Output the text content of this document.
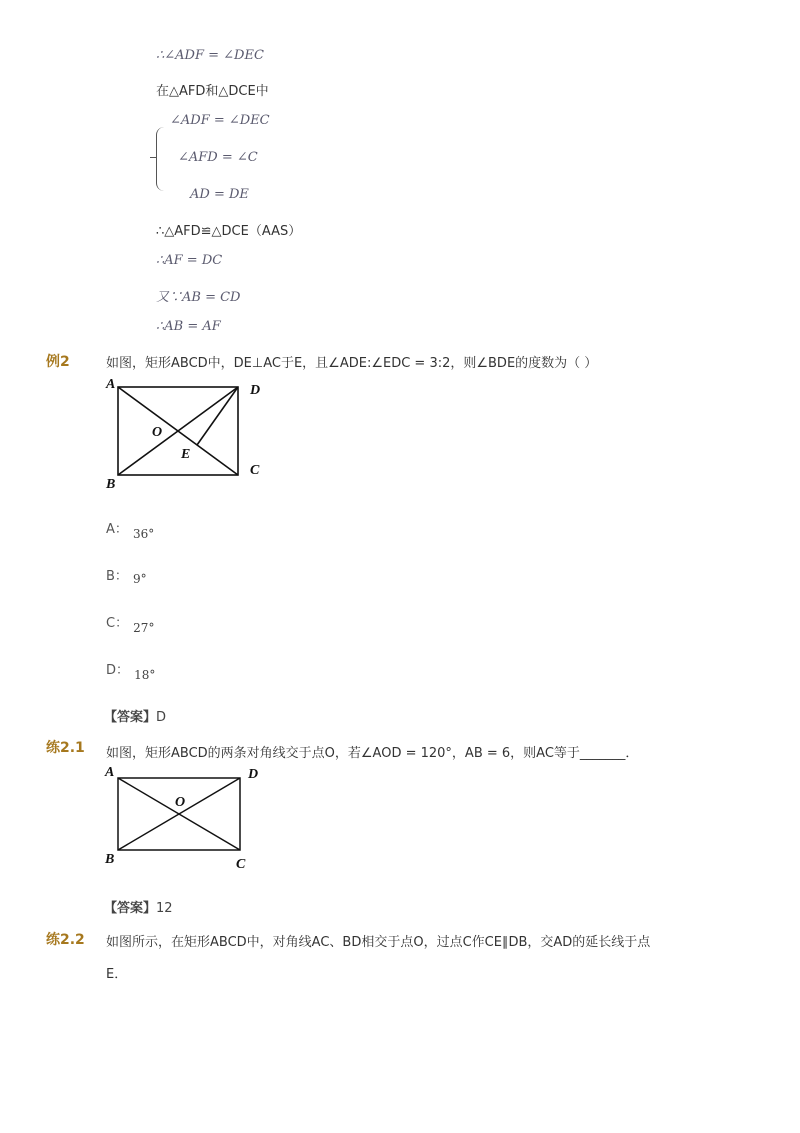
∴∠ADF = ∠DEC
在△AFD和△DCE中
∠ADF = ∠DEC
∠AFD = ∠C
AD = DE
∴△AFD≌△DCE（AAS）
∴AF = DC
又∵AB = CD
∴AB = AF
例2	如图，矩形ABCD中，DE⊥AC于E，且∠ADE:∠EDC = 3:2，则∠BDE的度数为（ ）
A	D
B
C
O
E
A： $_{36^\circ}$
B： 9°
C： $_{27^\circ}$
D： $_{18^\circ}$
【答案】D
练2.1 如图，矩形ABCD的两条对角线交于点O，若∠AOD = 120°，AB = 6，则AC等于_______．
A	D
B	C
O
【答案】12
练2.2 如图所示，在矩形ABCD中，对角线AC、BD相交于点O，过点C作CE∥DB，交AD的延长线于点
E．
